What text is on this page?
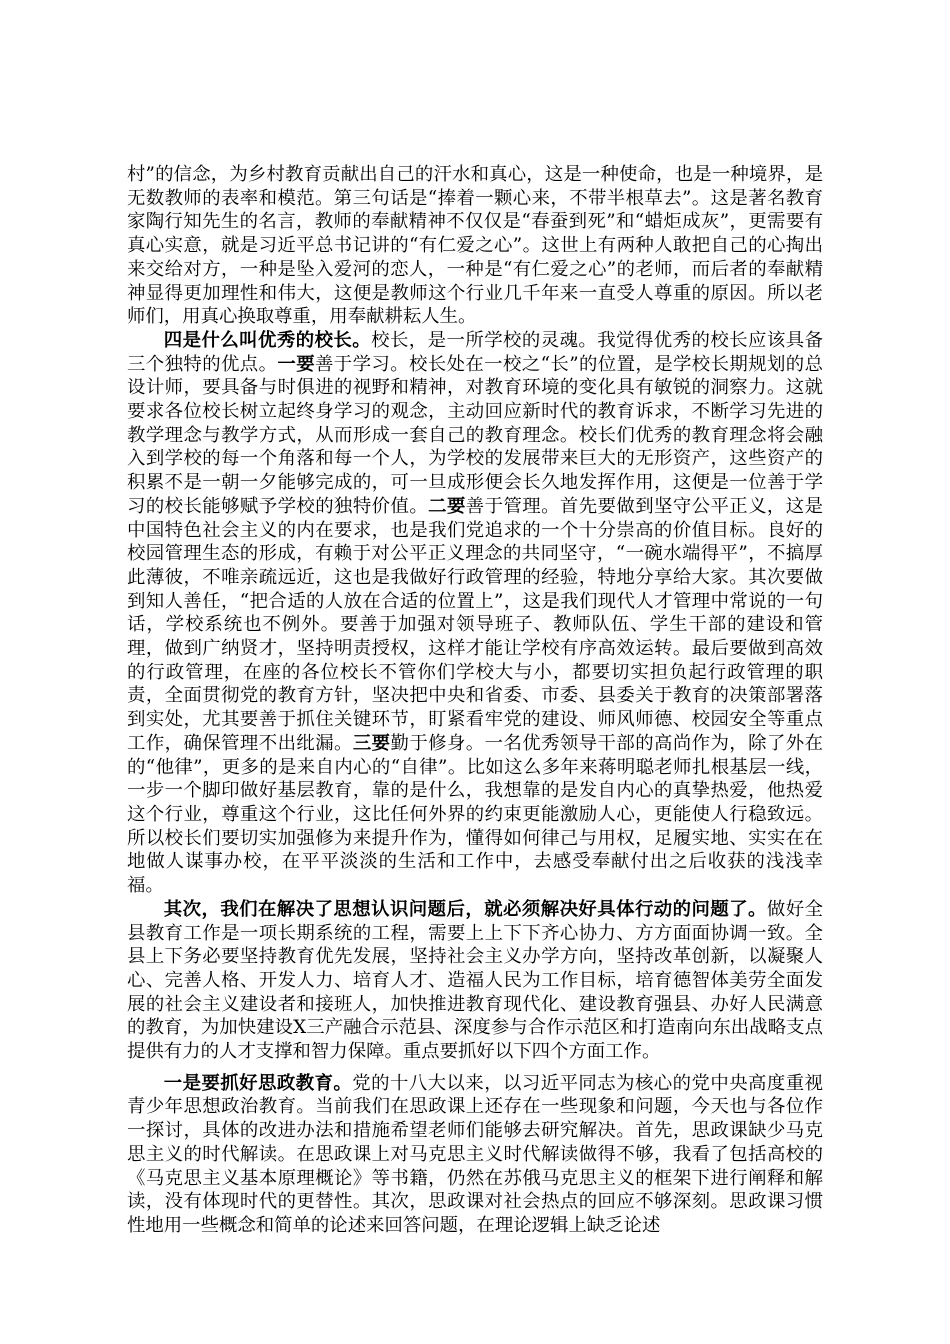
村”的信念，为乡村教育贡献出自己的汗水和真心，这是一种使命，也是一种境界，是无数教师的表率和模范。第三句话是“捧着一颗心来，不带半根草去”。这是著名教育家陶行知先生的名言，教师的奉献精神不仅仅是“春蚕到死”和“蜡炬成灰”，更需要有真心实意，就是习近平总书记讲的“有仁爱之心”。这世上有两种人敢把自己的心掏出来交给对方，一种是坠入爱河的恋人，一种是“有仁爱之心”的老师，而后者的奉献精神显得更加理性和伟大，这便是教师这个行业几千年来一直受人尊重的原因。所以老师们，用真心换取尊重，用奉献耕耘人生。

四是什么叫优秀的校长。校长，是一所学校的灵魂。我觉得优秀的校长应该具备三个独特的优点。一要善于学习。校长处在一校之“长”的位置，是学校长期规划的总设计师，要具备与时俱进的视野和精神，对教育环境的变化具有敏锐的洞察力。这就要求各位校长树立起终身学习的观念，主动回应新时代的教育诉求，不断学习先进的教学理念与教学方式，从而形成一套自己的教育理念。校长们优秀的教育理念将会融入到学校的每一个角落和每一个人，为学校的发展带来巨大的无形资产，这些资产的积累不是一朝一夕能够完成的，可一旦成形便会长久地发挥作用，这便是一位善于学习的校长能够赋予学校的独特价值。二要善于管理。首先要做到坚守公平正义，这是中国特色社会主义的内在要求，也是我们党追求的一个十分崇高的价值目标。良好的校园管理生态的形成，有赖于对公平正义理念的共同坚守，“一碗水端得平”，不搞厚此薄彼，不唯亲疏远近，这也是我做好行政管理的经验，特地分享给大家。其次要做到知人善任，“把合适的人放在合适的位置上”，这是我们现代人才管理中常说的一句话，学校系统也不例外。要善于加强对领导班子、教师队伍、学生干部的建设和管理，做到广纳贤才，坚持明责授权，这样才能让学校有序高效运转。最后要做到高效的行政管理，在座的各位校长不管你们学校大与小，都要切实担负起行政管理的职责，全面贯彻党的教育方针，坚决把中央和省委、市委、县委关于教育的决策部署落到实处，尤其要善于抓住关键环节，盯紧看牢党的建设、师风师德、校园安全等重点工作，确保管理不出纰漏。三要勤于修身。一名优秀领导干部的高尚作为，除了外在的“他律”，更多的是来自内心的“自律”。比如这么多年来蒋明聪老师扎根基层一线，一步一个脚印做好基层教育，靠的是什么，我想靠的是发自内心的真挚热爱，他热爱这个行业，尊重这个行业，这比任何外界的约束更能激励人心，更能使人行稳致远。所以校长们要切实加强修为来提升作为，懂得如何律己与用权，足履实地、实实在在地做人谋事办校，在平平淡淡的生活和工作中，去感受奉献付出之后收获的浅浅幸福。

其次，我们在解决了思想认识问题后，就必须解决好具体行动的问题了。做好全县教育工作是一项长期系统的工程，需要上上下下齐心协力、方方面面协调一致。全县上下务必要坚持教育优先发展，坚持社会主义办学方向，坚持改革创新，以凝聚人心、完善人格、开发人力、培育人才、造福人民为工作目标，培育德智体美劳全面发展的社会主义建设者和接班人，加快推进教育现代化、建设教育强县、办好人民满意的教育，为加快建设X三产融合示范县、深度参与合作示范区和打造南向东出战略支点提供有力的人才支撑和智力保障。重点要抓好以下四个方面工作。

一是要抓好思政教育。党的十八大以来，以习近平同志为核心的党中央高度重视青少年思想政治教育。当前我们在思政课上还存在一些现象和问题，今天也与各位作一探讨，具体的改进办法和措施希望老师们能够去研究解决。首先，思政课缺少马克思主义的时代解读。在思政课上对马克思主义时代解读做得不够，我看了包括高校的《马克思主义基本原理概论》等书籍，仍然在苏俄马克思主义的框架下进行阐释和解读，没有体现时代的更替性。其次，思政课对社会热点的回应不够深刻。思政课习惯性地用一些概念和简单的论述来回答问题，在理论逻辑上缺乏论述
